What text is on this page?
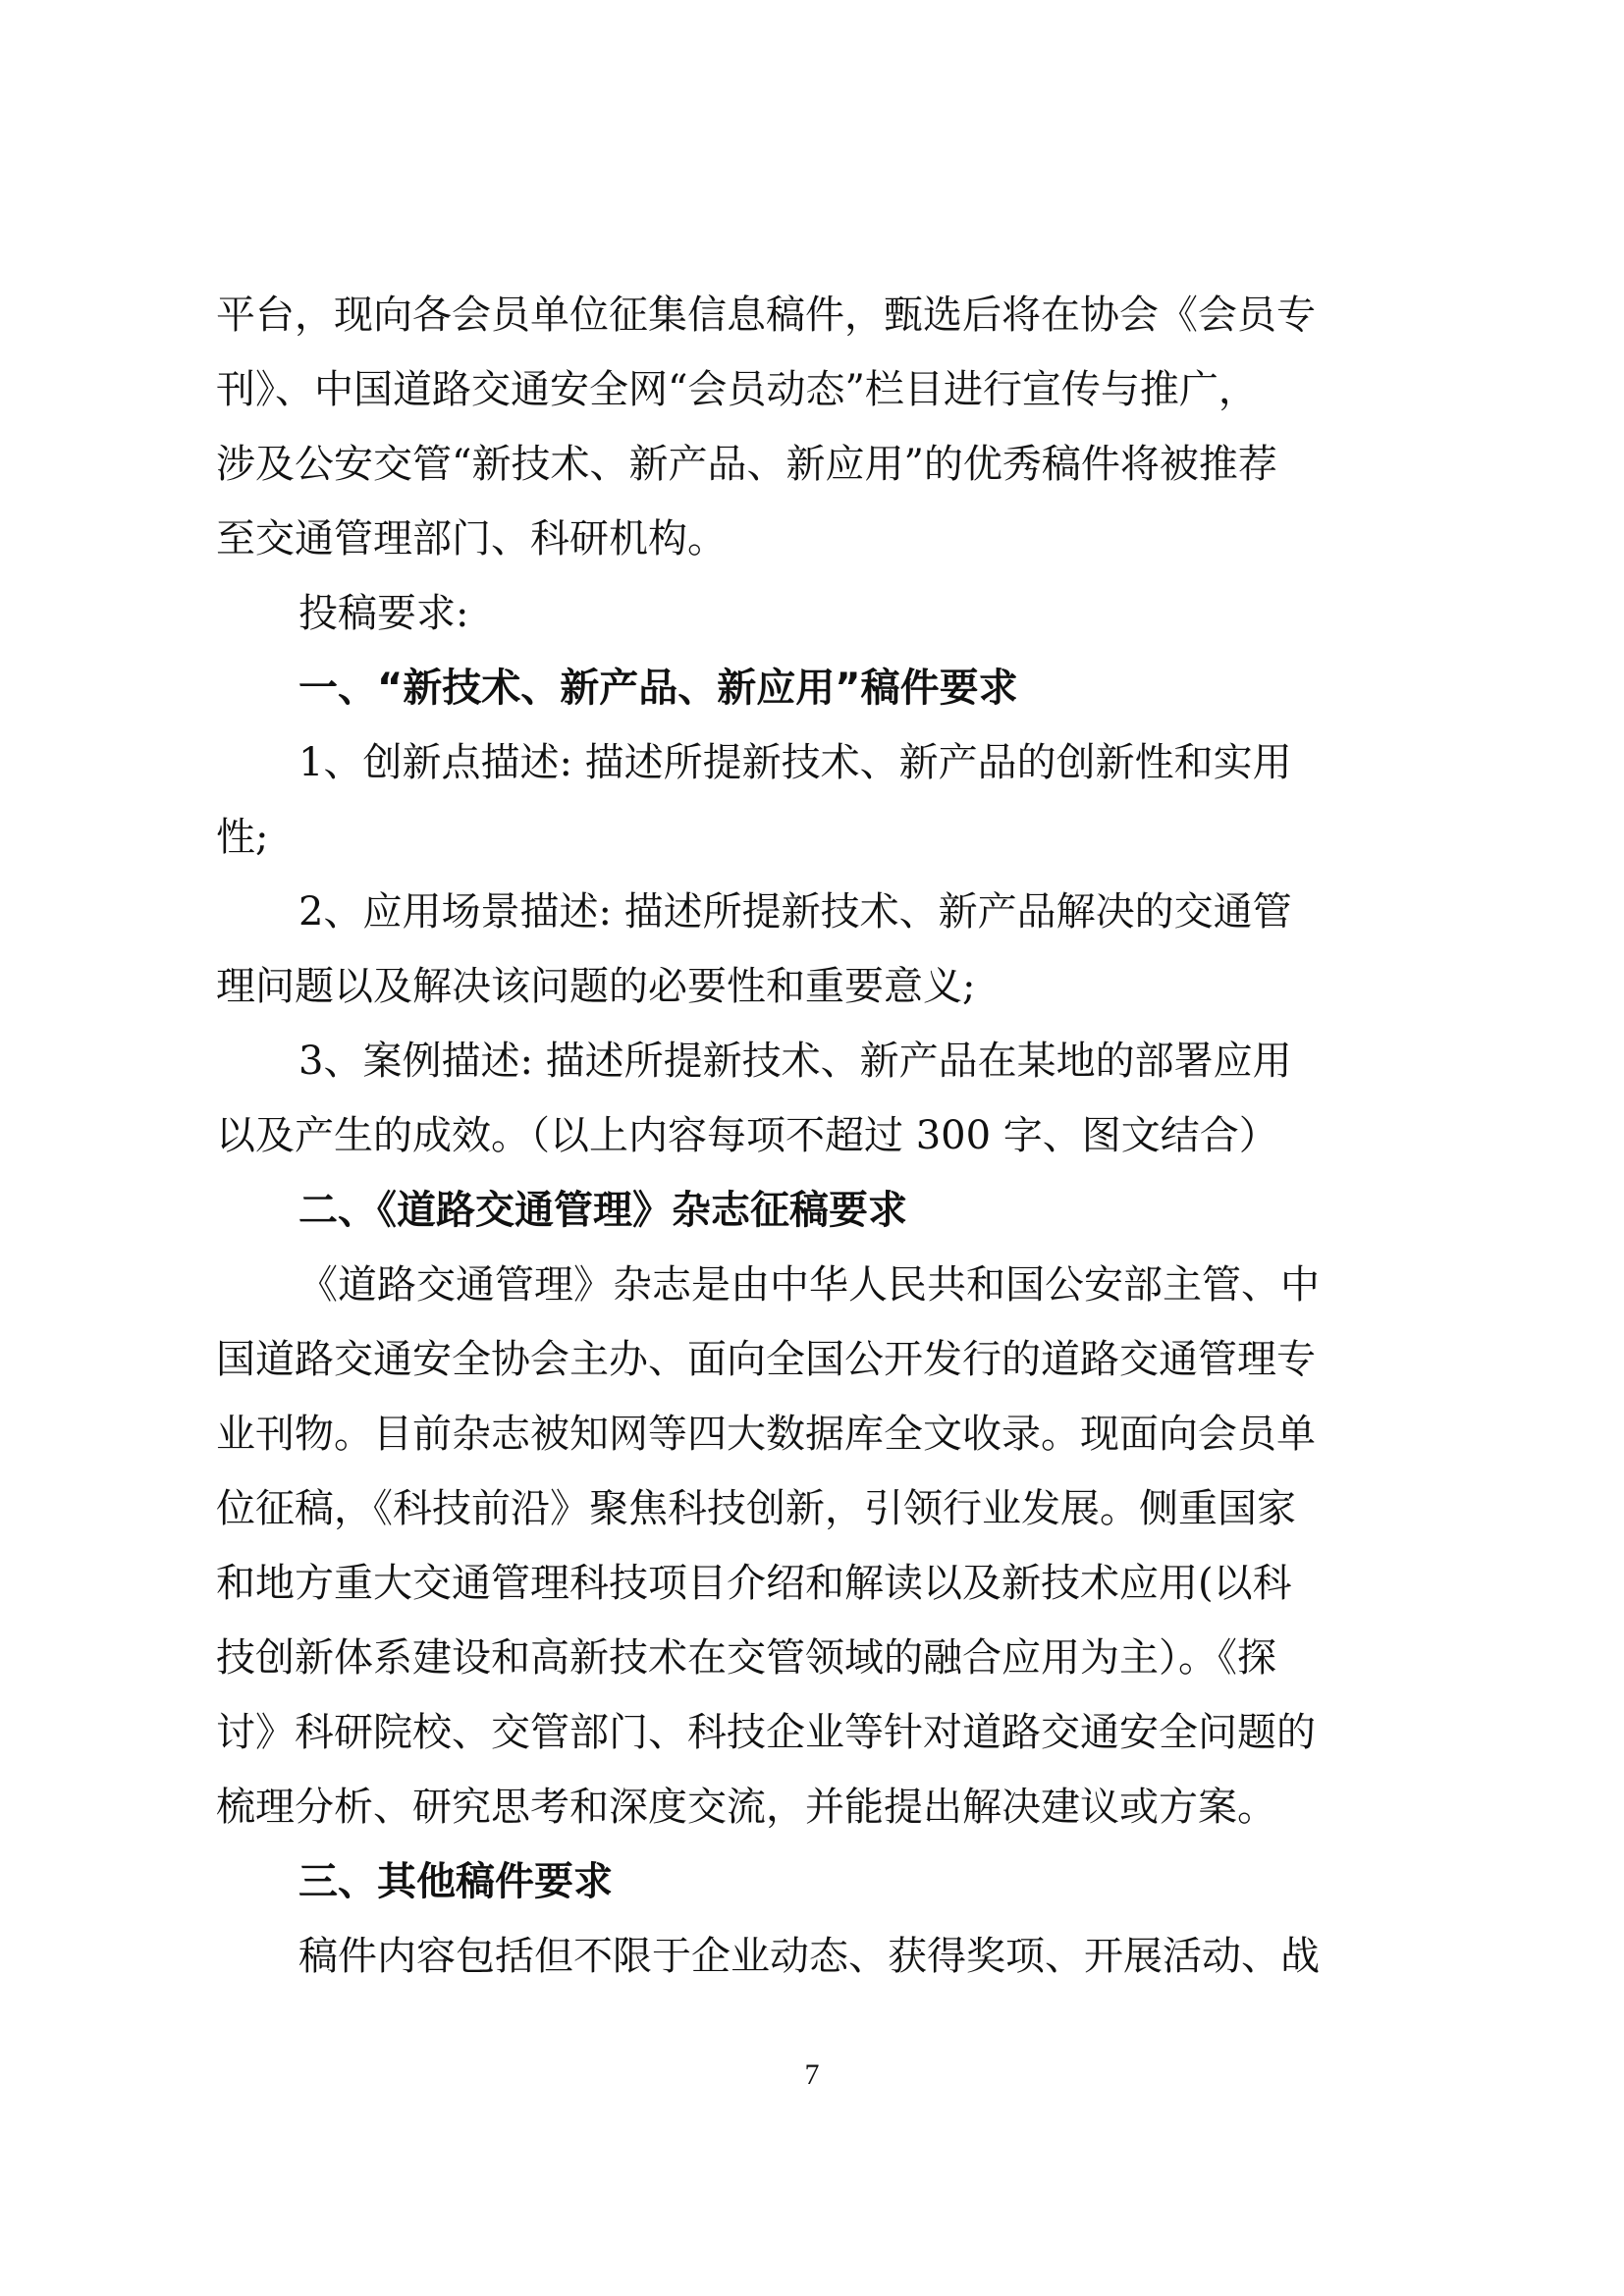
平台，现向各会员单位征集信息稿件，甄选后将在协会《会员专
刊》、中国道路交通安全网“会员动态”栏目进行宣传与推广，
涉及公安交管“新技术、新产品、新应用”的优秀稿件将被推荐
至交通管理部门、科研机构。
投稿要求:
一、“新技术、新产品、新应用”稿件要求
1、创新点描述: 描述所提新技术、新产品的创新性和实用
性;
2、应用场景描述: 描述所提新技术、新产品解决的交通管
理问题以及解决该问题的必要性和重要意义;
3、案例描述: 描述所提新技术、新产品在某地的部署应用
以及产生的成效。（以上内容每项不超过 300 字、图文结合）
二、《道路交通管理》杂志征稿要求
《道路交通管理》杂志是由中华人民共和国公安部主管、中
国道路交通安全协会主办、面向全国公开发行的道路交通管理专
业刊物。目前杂志被知网等四大数据库全文收录。现面向会员单
位征稿，《科技前沿》聚焦科技创新，引领行业发展。侧重国家
和地方重大交通管理科技项目介绍和解读以及新技术应用(以科
技创新体系建设和高新技术在交管领域的融合应用为主）。《探
讨》科研院校、交管部门、科技企业等针对道路交通安全问题的
梳理分析、研究思考和深度交流，并能提出解决建议或方案。
三、其他稿件要求
稿件内容包括但不限于企业动态、获得奖项、开展活动、战
7
